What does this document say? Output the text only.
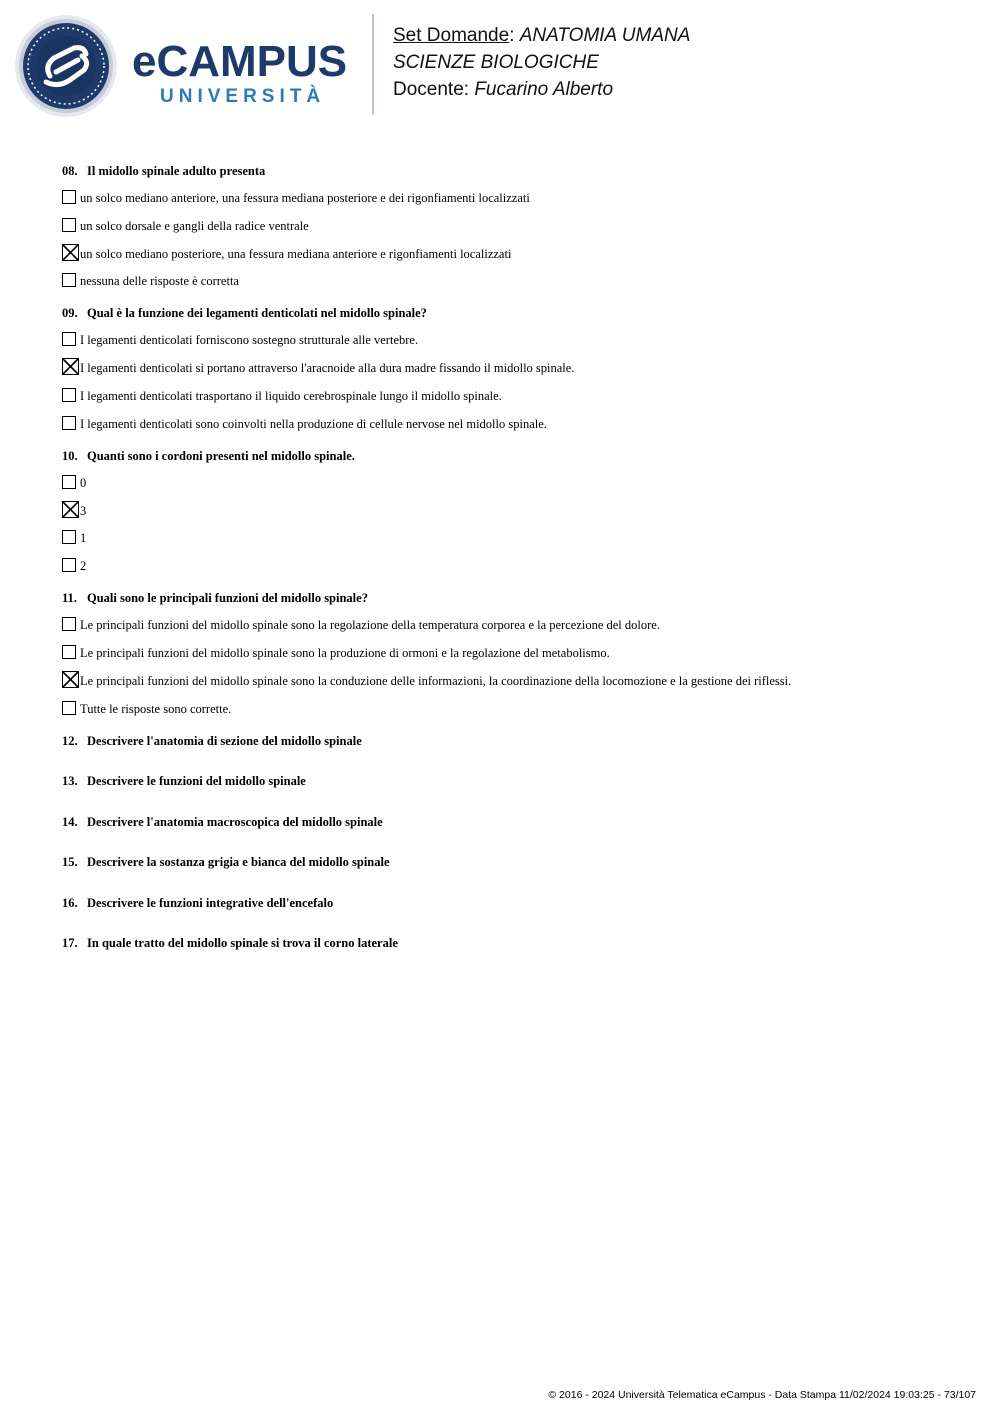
eCAMPUS
UNIVERSITÀ
Set Domande: ANATOMIA UMANA
SCIENZE BIOLOGICHE
Docente: Fucarino Alberto
08. Il midollo spinale adulto presenta
un solco mediano anteriore, una fessura mediana posteriore e dei rigonfiamenti localizzati
un solco dorsale e gangli della radice ventrale
un solco mediano posteriore, una fessura mediana anteriore e rigonfiamenti localizzati
nessuna delle risposte è corretta
09. Qual è la funzione dei legamenti denticolati nel midollo spinale?
I legamenti denticolati forniscono sostegno strutturale alle vertebre.
I legamenti denticolati si portano attraverso l'aracnoide alla dura madre fissando il midollo spinale.
I legamenti denticolati trasportano il liquido cerebrospinale lungo il midollo spinale.
I legamenti denticolati sono coinvolti nella produzione di cellule nervose nel midollo spinale.
10. Quanti sono i cordoni presenti nel midollo spinale.
0
3
1
2
11. Quali sono le principali funzioni del midollo spinale?
Le principali funzioni del midollo spinale sono la regolazione della temperatura corporea e la percezione del dolore.
Le principali funzioni del midollo spinale sono la produzione di ormoni e la regolazione del metabolismo.
Le principali funzioni del midollo spinale sono la conduzione delle informazioni, la coordinazione della locomozione e la gestione dei riflessi.
Tutte le risposte sono corrette.
12. Descrivere l'anatomia di sezione del midollo spinale
13. Descrivere le funzioni del midollo spinale
14. Descrivere l'anatomia macroscopica del midollo spinale
15. Descrivere la sostanza grigia e bianca del midollo spinale
16. Descrivere le funzioni integrative dell'encefalo
17. In quale tratto del midollo spinale si trova il corno laterale
© 2016 - 2024 Università Telematica eCampus - Data Stampa 11/02/2024 19:03:25 - 73/107
